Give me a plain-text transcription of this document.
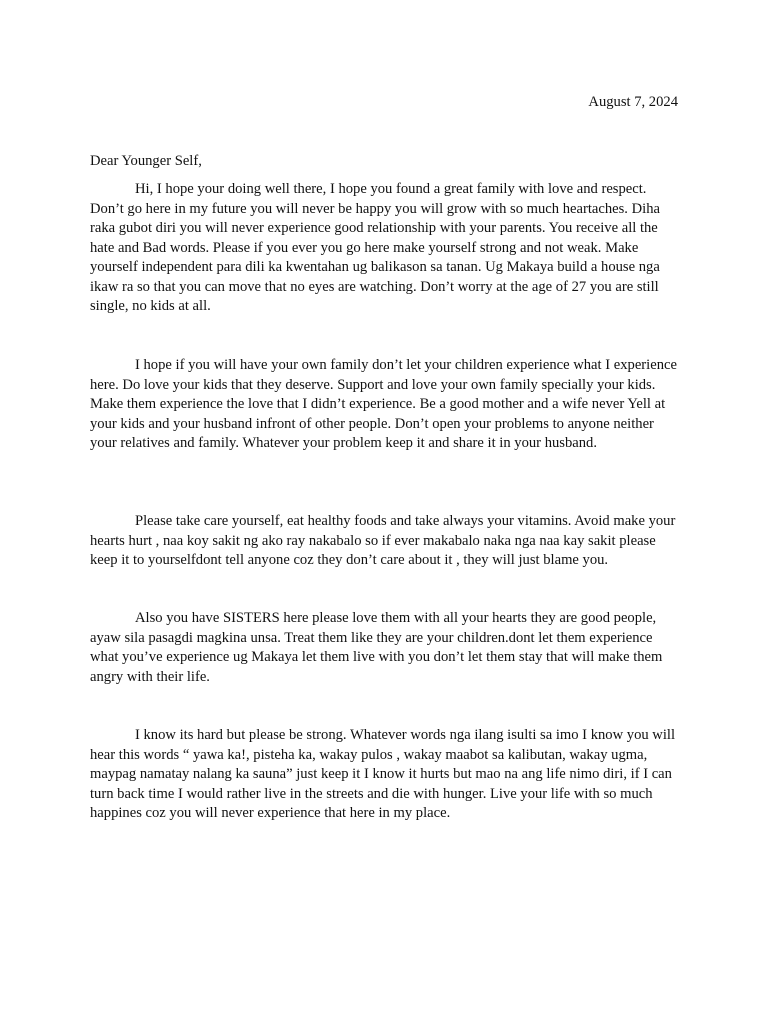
August 7, 2024
Dear Younger Self,

Hi, I hope your doing well there, I hope you found a great family with love and respect. Don’t go here in my future you will never be happy you will grow with so much heartaches. Diha raka gubot diri you will never experience good relationship with your parents. You receive all the hate and Bad words. Please if you ever you go here make yourself strong and not weak. Make yourself independent para dili ka kwentahan ug balikason sa tanan. Ug Makaya build a house nga ikaw ra so that you can move that no eyes are watching. Don’t worry at the age of 27 you are still single, no kids at all.

I hope if you will have your own family don’t let your children experience what I experience here. Do love your kids that they deserve. Support and love your own family specially your kids. Make them experience the love that I didn’t experience. Be a good mother and a wife never Yell at your kids and your husband infront of other people. Don’t open your problems to anyone neither your relatives and family. Whatever your problem keep it and share it in your husband.

Please take care yourself, eat healthy foods and take always your vitamins. Avoid make your hearts hurt , naa koy sakit ng ako ray nakabalo so if ever makabalo naka nga naa kay sakit please keep it to yourselfdont tell anyone coz they don’t care about it , they will just blame you.

Also you have SISTERS here please love them with all your hearts they are good people, ayaw sila pasagdi magkina unsa. Treat them like they are your children.dont let them experience what you’ve experience ug Makaya let them live with you don’t let them stay that will make them angry with their life.

I know its hard but please be strong. Whatever words nga ilang isulti sa imo I know you will hear this words “ yawa ka!, pisteha ka, wakay pulos , wakay maabot sa kalibutan, wakay ugma, maypag namatay nalang ka sauna” just keep it I know it hurts but mao na ang life nimo diri, if I can turn back time I would rather live in the streets and die with hunger. Live your life with so much happines coz you will never experience that here in my place.
